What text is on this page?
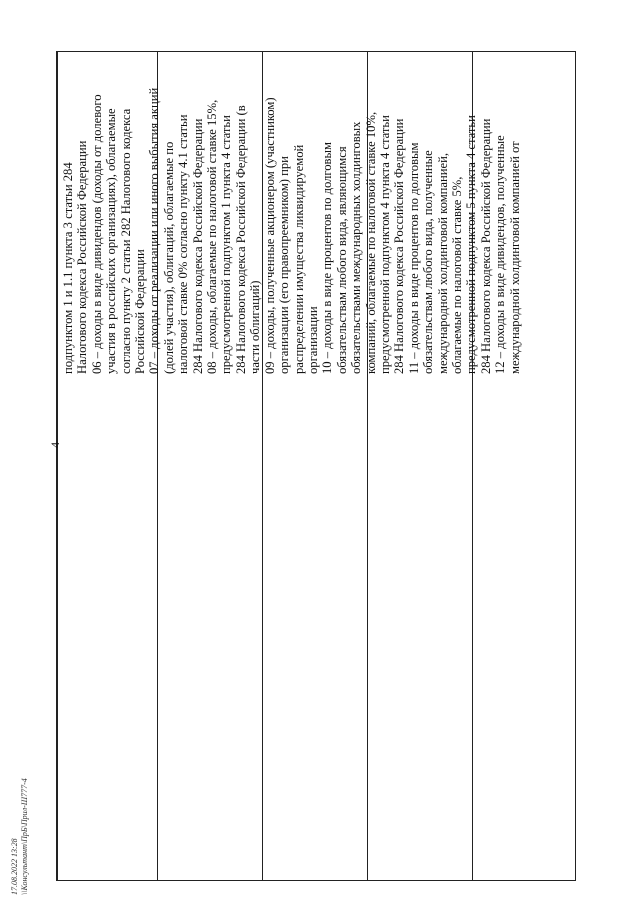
подпунктом 1 и 1.1 пункта 3 статьи 284 Налогового кодекса Российской Федерации 06 – доходы в виде дивидендов (доходы от долевого участия в российских организациях), облагаемые согласно пункту 2 статьи 282 Налогового кодекса Российской Федерации 07 – доходы от реализации или иного выбытия акций (долей участия), облигаций, облагаемые по налоговой ставке 0% согласно пункту 4.1 статьи 284 Налогового кодекса Российской Федерации 08 – доходы, облагаемые по налоговой ставке 15%, предусмотренной подпунктом 1 пункта 4 статьи 284 Налогового кодекса Российской Федерации (в части облигаций) 09 – доходы, полученные акционером (участником) организации (его правопреемником) при распределении имущества ликвидируемой организации 10 – доходы в виде процентов по долговым обязательствам любого вида, являющимся обязательствами международных холдинговых компаний, облагаемые по налоговой ставке 10%, предусмотренной подпунктом 4 пункта 4 статьи 284 Налогового кодекса Российской Федерации 11 – доходы в виде процентов по долговым обязательствам любого вида, полученные международной холдинговой компанией, облагаемые по налоговой ставке 5%, предусмотренной подпунктом 5 пункта 4 статьи 284 Налогового кодекса Российской Федерации 12 – доходы в виде дивидендов, полученные международной холдинговой компанией от

17.08.2022 13:28 \\Консультант\ПрБ\Прил-Ш777-4
4
